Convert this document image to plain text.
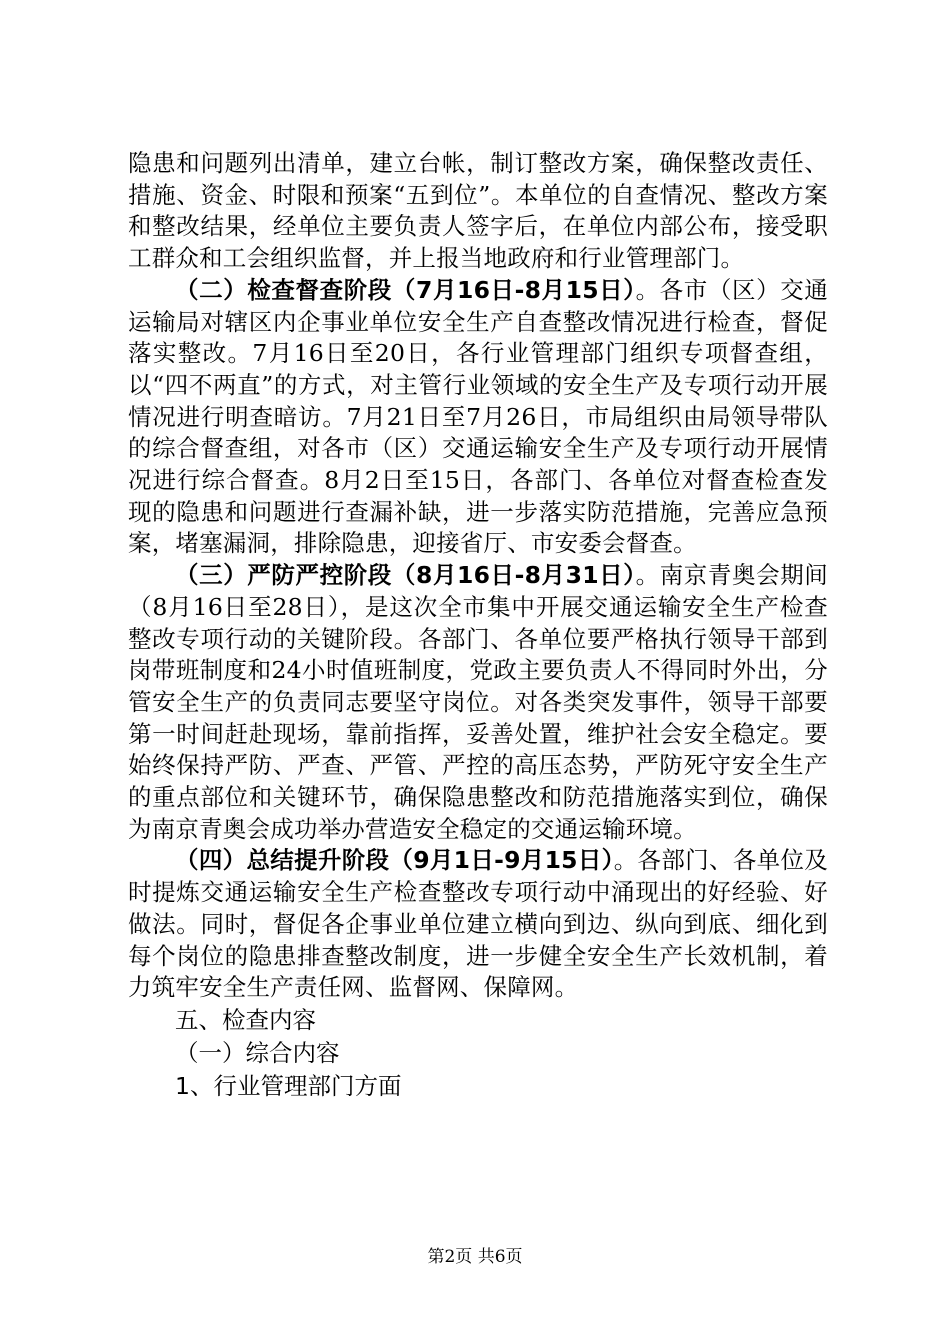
隐患和问题列出清单，建立台帐，制订整改方案，确保整改责任、措施、资金、时限和预案“五到位”。本单位的自查情况、整改方案和整改结果，经单位主要负责人签字后，在单位内部公布，接受职工群众和工会组织监督，并上报当地政府和行业管理部门。

（二）检查督查阶段（7月16日-8月15日）。各市（区）交通运输局对辖区内企事业单位安全生产自查整改情况进行检查，督促落实整改。7月16日至20日，各行业管理部门组织专项督查组，以“四不两直”的方式，对主管行业领域的安全生产及专项行动开展情况进行明查暗访。7月21日至7月26日，市局组织由局领导带队的综合督查组，对各市（区）交通运输安全生产及专项行动开展情况进行综合督查。8月2日至15日，各部门、各单位对督查检查发现的隐患和问题进行查漏补缺，进一步落实防范措施，完善应急预案，堵塞漏洞，排除隐患，迎接省厅、市安委会督查。

（三）严防严控阶段（8月16日-8月31日）。南京青奥会期间（8月16日至28日），是这次全市集中开展交通运输安全生产检查整改专项行动的关键阶段。各部门、各单位要严格执行领导干部到岗带班制度和24小时值班制度，党政主要负责人不得同时外出，分管安全生产的负责同志要坚守岗位。对各类突发事件，领导干部要第一时间赶赴现场，靠前指挥，妥善处置，维护社会安全稳定。要始终保持严防、严查、严管、严控的高压态势，严防死守安全生产的重点部位和关键环节，确保隐患整改和防范措施落实到位，确保为南京青奥会成功举办营造安全稳定的交通运输环境。

（四）总结提升阶段（9月1日-9月15日）。各部门、各单位及时提炼交通运输安全生产检查整改专项行动中涌现出的好经验、好做法。同时，督促各企事业单位建立横向到边、纵向到底、细化到每个岗位的隐患排查整改制度，进一步健全安全生产长效机制，着力筑牢安全生产责任网、监督网、保障网。

五、检查内容
（一）综合内容
1、行业管理部门方面
第2页 共6页
